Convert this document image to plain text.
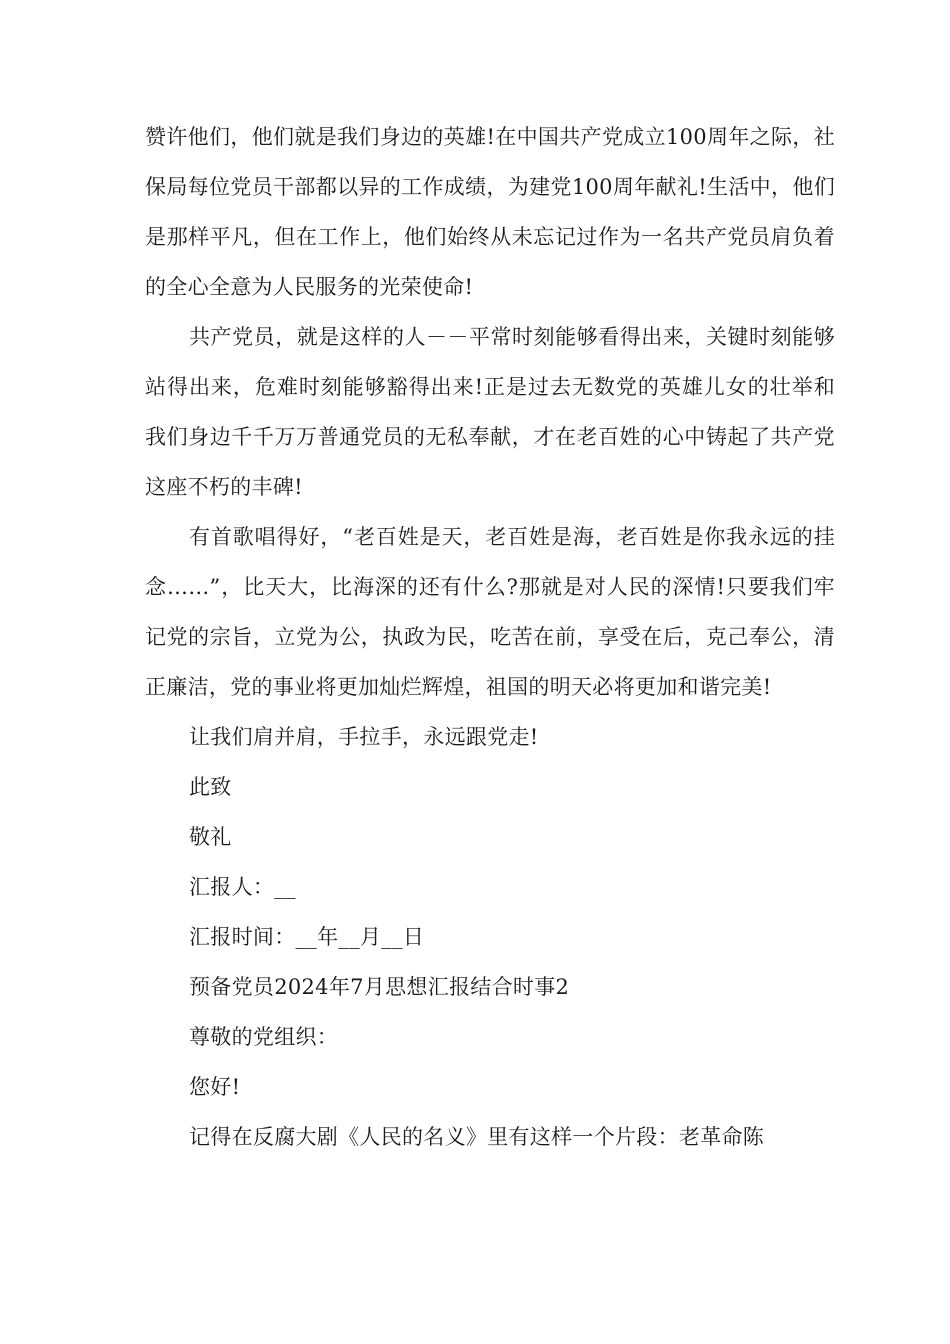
赞许他们，他们就是我们身边的英雄!在中国共产党成立100周年之际，社保局每位党员干部都以异的工作成绩，为建党100周年献礼!生活中，他们是那样平凡，但在工作上，他们始终从未忘记过作为一名共产党员肩负着的全心全意为人民服务的光荣使命!

共产党员，就是这样的人－－平常时刻能够看得出来，关键时刻能够站得出来，危难时刻能够豁得出来!正是过去无数党的英雄儿女的壮举和我们身边千千万万普通党员的无私奉献，才在老百姓的心中铸起了共产党这座不朽的丰碑!

有首歌唱得好，“老百姓是天，老百姓是海，老百姓是你我永远的挂念……”，比天大，比海深的还有什么?那就是对人民的深情!只要我们牢记党的宗旨，立党为公，执政为民，吃苦在前，享受在后，克己奉公，清正廉洁，党的事业将更加灿烂辉煌，祖国的明天必将更加和谐完美!

让我们肩并肩，手拉手，永远跟党走!

此致

敬礼

汇报人：__

汇报时间：__年__月__日

预备党员2024年7月思想汇报结合时事2

尊敬的党组织：

您好!

记得在反腐大剧《人民的名义》里有这样一个片段：老革命陈
